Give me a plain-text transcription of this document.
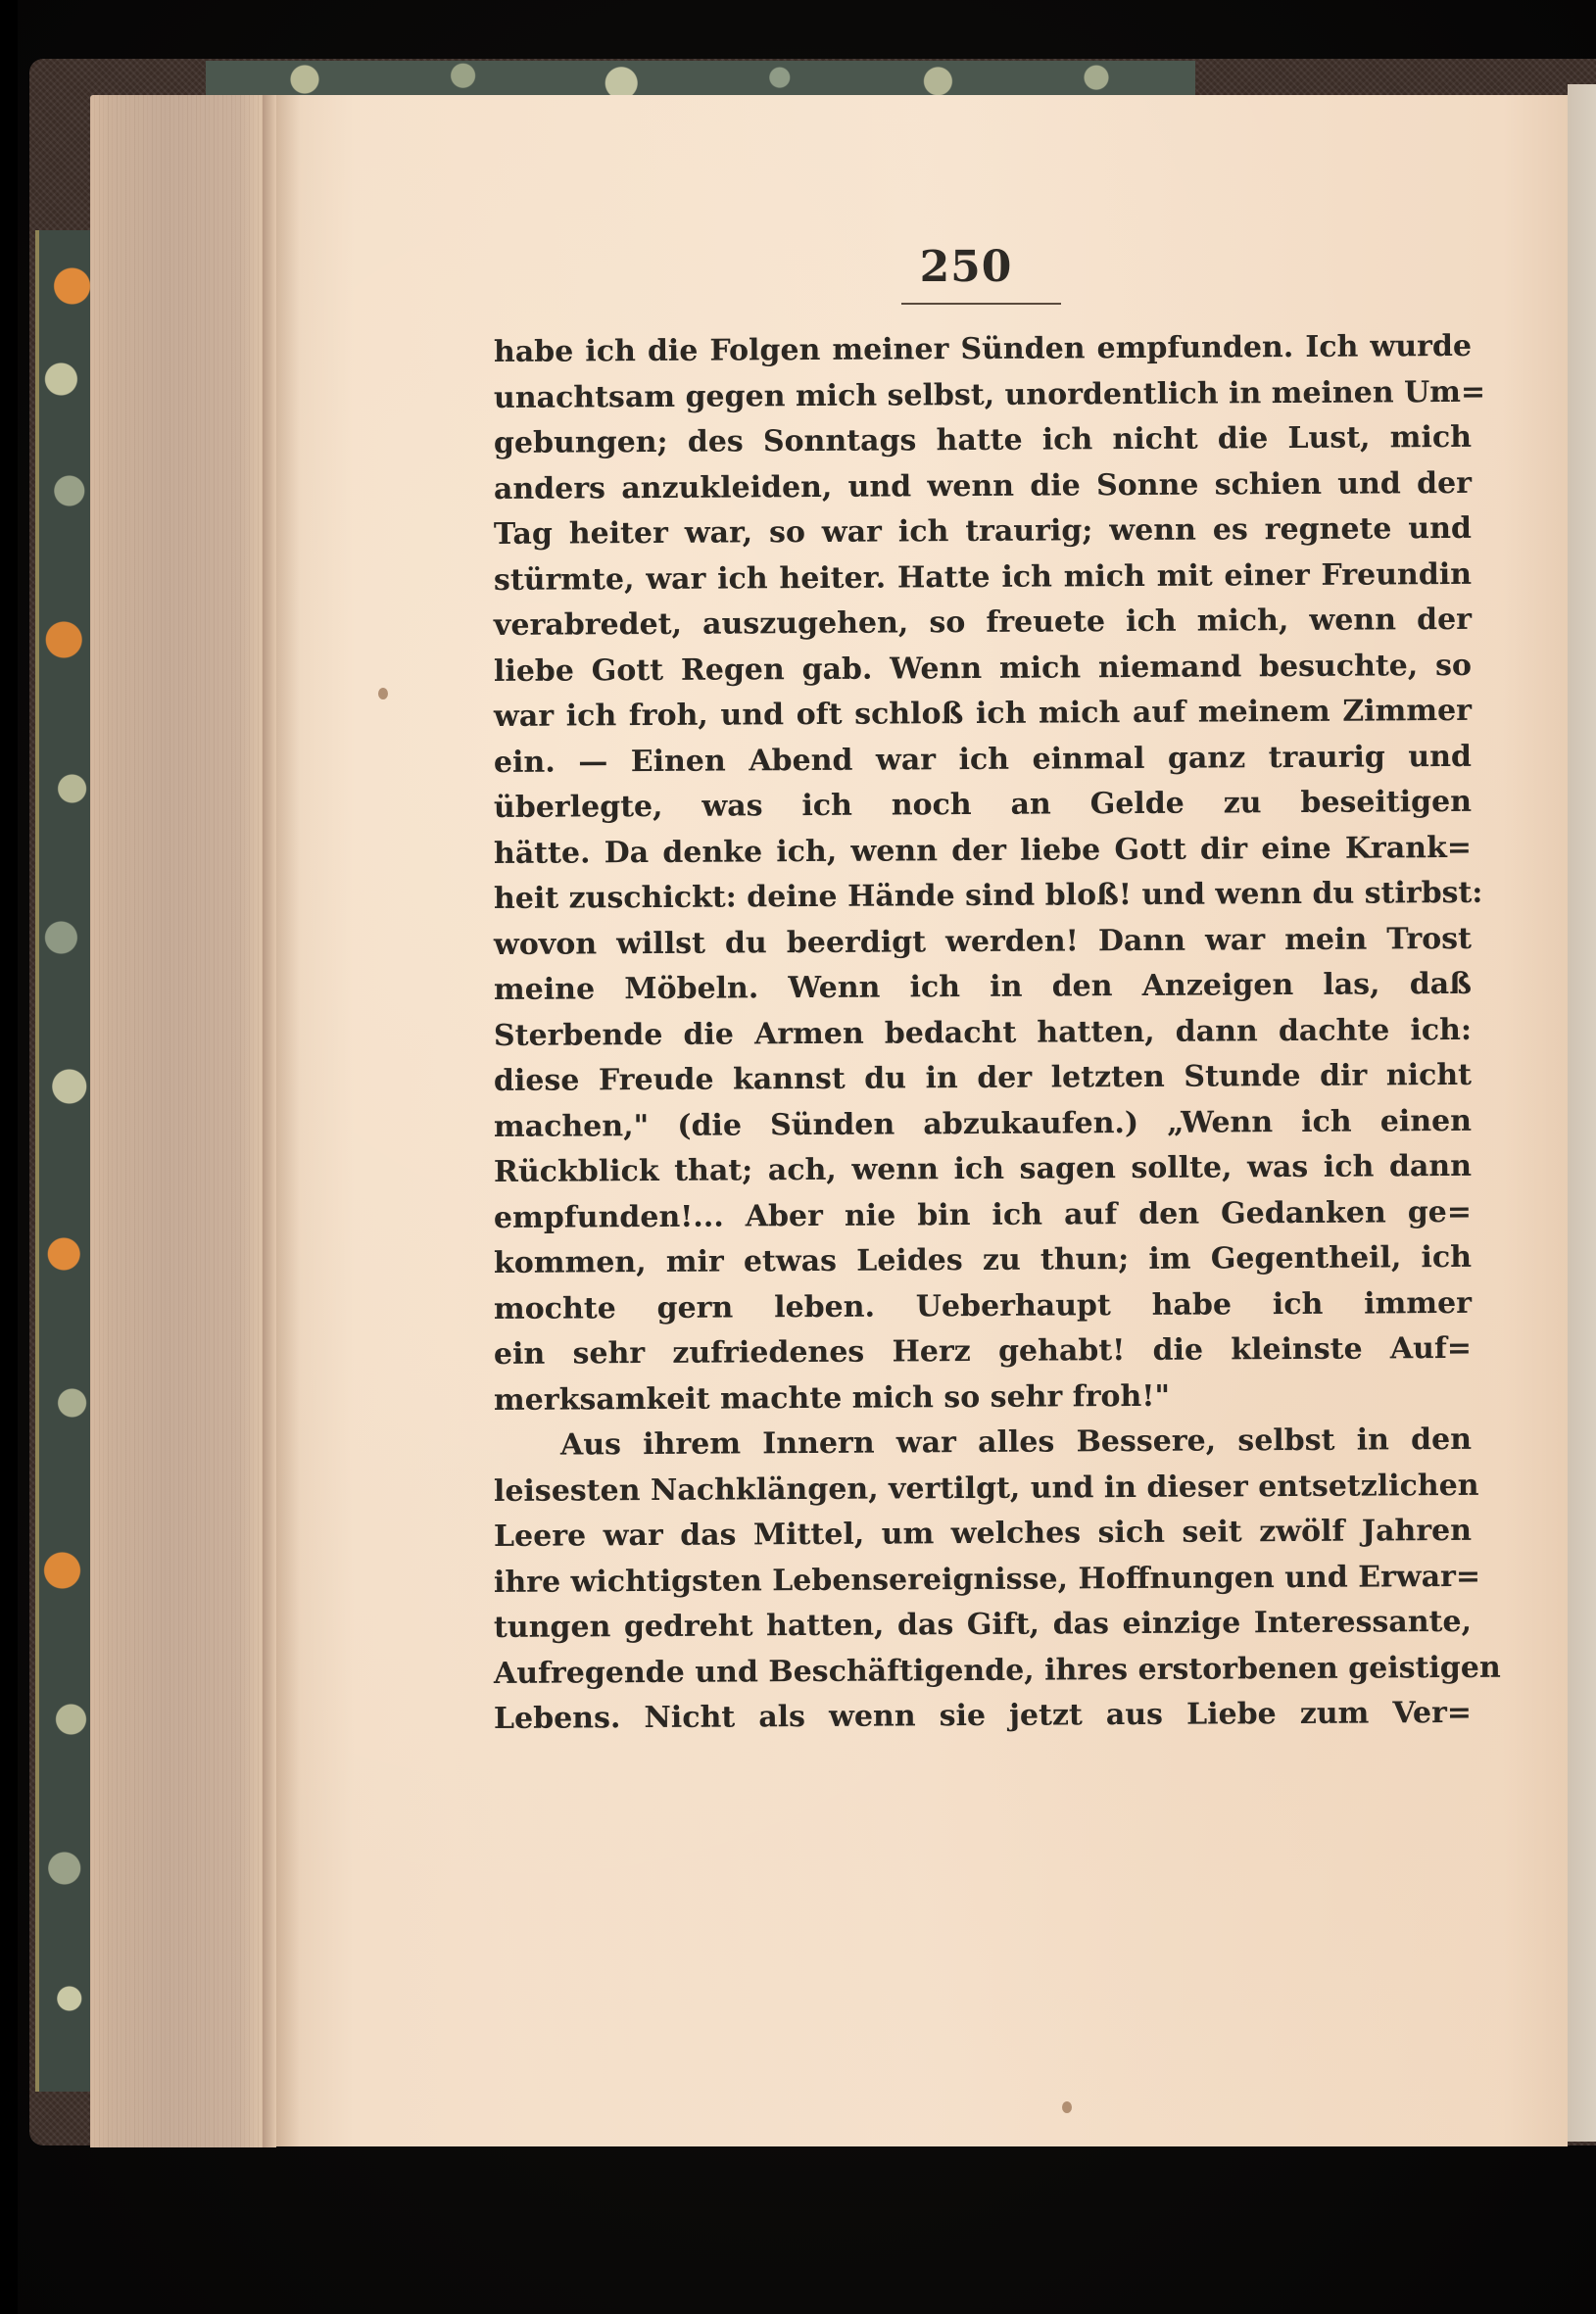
250
habe ich die Folgen meiner Sünden empfunden. Ich wurde
unachtsam gegen mich selbst, unordentlich in meinen Um=
gebungen; des Sonntags hatte ich nicht die Lust, mich
anders anzukleiden, und wenn die Sonne schien und der
Tag heiter war, so war ich traurig; wenn es regnete und
stürmte, war ich heiter. Hatte ich mich mit einer Freundin
verabredet, auszugehen, so freuete ich mich, wenn der
liebe Gott Regen gab. Wenn mich niemand besuchte, so
war ich froh, und oft schloß ich mich auf meinem Zimmer
ein. — Einen Abend war ich einmal ganz traurig und
überlegte, was ich noch an Gelde zu beseitigen
hätte. Da denke ich, wenn der liebe Gott dir eine Krank=
heit zuschickt: deine Hände sind bloß! und wenn du stirbst:
wovon willst du beerdigt werden! Dann war mein Trost
meine Möbeln. Wenn ich in den Anzeigen las, daß
Sterbende die Armen bedacht hatten, dann dachte ich:
diese Freude kannst du in der letzten Stunde dir nicht
machen," (die Sünden abzukaufen.) „Wenn ich einen
Rückblick that; ach, wenn ich sagen sollte, was ich dann
empfunden!... Aber nie bin ich auf den Gedanken ge=
kommen, mir etwas Leides zu thun; im Gegentheil, ich
mochte gern leben. Ueberhaupt habe ich immer
ein sehr zufriedenes Herz gehabt! die kleinste Auf=
merksamkeit machte mich so sehr froh!"
Aus ihrem Innern war alles Bessere, selbst in den
leisesten Nachklängen, vertilgt, und in dieser entsetzlichen
Leere war das Mittel, um welches sich seit zwölf Jahren
ihre wichtigsten Lebensereignisse, Hoffnungen und Erwar=
tungen gedreht hatten, das Gift, das einzige Interessante,
Aufregende und Beschäftigende, ihres erstorbenen geistigen
Lebens. Nicht als wenn sie jetzt aus Liebe zum Ver=
